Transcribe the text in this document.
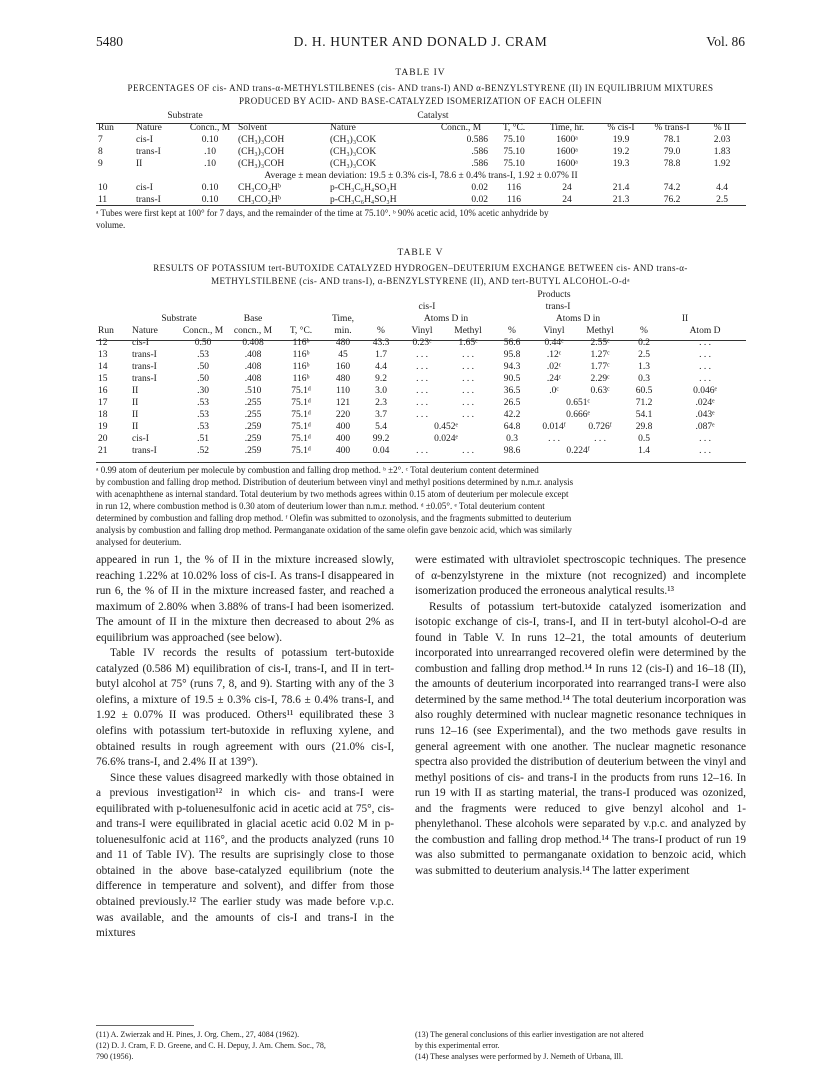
5480	D. H. HUNTER AND DONALD J. CRAM	Vol. 86
TABLE IV
PERCENTAGES OF cis- AND trans-α-METHYLSTILBENES (cis- AND trans-I) AND α-BENZYLSTYRENE (II) IN EQUILIBRIUM MIXTURES
PRODUCED BY ACID- AND BASE-CATALYZED ISOMERIZATION OF EACH OLEFIN
	Substrate			Catalyst						
Run	Nature	Concn., M	Solvent	Nature	Concn., M	T, °C.	Time, hr.	% cis-I	% trans-I	% II
7	cis-I	0.10	(CH₃)₃COH	(CH₃)₃COK	0.586	75.10	1600ᵃ	19.9	78.1	2.03
8	trans-I	.10	(CH₃)₃COH	(CH₃)₃COK	.586	75.10	1600ᵃ	19.2	79.0	1.83
9	II	.10	(CH₃)₃COH	(CH₃)₃COK	.586	75.10	1600ᵃ	19.3	78.8	1.92
Average ± mean deviation: 19.5 ± 0.3% cis-I, 78.6 ± 0.4% trans-I, 1.92 ± 0.07% II										
10	cis-I	0.10	CH₃CO₂Hᵇ	p-CH₃C₆H₄SO₃H	0.02	116	24	21.4	74.2	4.4
11	trans-I	0.10	CH₃CO₂Hᵇ	p-CH₃C₆H₄SO₃H	0.02	116	24	21.3	76.2	2.5
ᵃ Tubes were first kept at 100° for 7 days, and the remainder of the time at 75.10°. ᵇ 90% acetic acid, 10% acetic anhydride by
volume.
TABLE V
RESULTS OF POTASSIUM tert-BUTOXIDE CATALYZED HYDROGEN–DEUTERIUM EXCHANGE BETWEEN cis- AND trans-α-
METHYLSTILBENE (cis- AND trans-I), α-BENZYLSTYRENE (II), AND tert-BUTYL ALCOHOL-O-dᵃ
						Products							
						cis-I			trans-I				
	Substrate		Base		Time,		Atoms D in			Atoms D in		II	
Run	Nature	Concn., M	concn., M	T, °C.	min.	%	Vinyl	Methyl	%	Vinyl	Methyl	%	Atom D
12	cis-I	0.50	0.408	116ᵇ	480	43.3	0.23ᶜ	1.65ᶜ	56.6	0.44ᶜ	2.55ᶜ	0.2	. . .
13	trans-I	.53	.408	116ᵇ	45	1.7	. . .	. . .	95.8	.12ᶜ	1.27ᶜ	2.5	. . .
14	trans-I	.50	.408	116ᵇ	160	4.4	. . .	. . .	94.3	.02ᶜ	1.77ᶜ	1.3	. . .
15	trans-I	.50	.408	116ᵇ	480	9.2	. . .	. . .	90.5	.24ᶜ	2.29ᶜ	0.3	. . .
16	II	.30	.510	75.1ᵈ	110	3.0	. . .	. . .	36.5	.0ᶜ	0.63ᶜ	60.5	0.046ᵉ
17	II	.53	.255	75.1ᵈ	121	2.3	. . .	. . .	26.5	0.651ᶜ		71.2	.024ᵉ
18	II	.53	.255	75.1ᵈ	220	3.7	. . .	. . .	42.2	0.666ᵉ		54.1	.043ᵉ
19	II	.53	.259	75.1ᵈ	400	5.4	0.452ᵉ		64.8	0.014ᶠ	0.726ᶠ	29.8	.087ᵉ
20	cis-I	.51	.259	75.1ᵈ	400	99.2	0.024ᵉ		0.3	. . .	. . .	0.5	. . .
21	trans-I	.52	.259	75.1ᵈ	400	0.04	. . .	. . .	98.6	0.224ᶠ		1.4	. . .
ᵃ 0.99 atom of deuterium per molecule by combustion and falling drop method. ᵇ ±2°. ᶜ Total deuterium content determined
by combustion and falling drop method. Distribution of deuterium between vinyl and methyl positions determined by n.m.r. analysis
with acenaphthene as internal standard. Total deuterium by two methods agrees within 0.15 atom of deuterium per molecule except
in run 12, where combustion method is 0.30 atom of deuterium lower than n.m.r. method. ᵈ ±0.05°. ᵉ Total deuterium content
determined by combustion and falling drop method. ᶠ Olefin was submitted to ozonolysis, and the fragments submitted to deuterium
analysis by combustion and falling drop method. Permanganate oxidation of the same olefin gave benzoic acid, which was similarly
analysed for deuterium.

appeared in run 1, the % of II in the mixture increased slowly, reaching 1.22% at 10.02% loss of cis-I. As trans-I disappeared in run 6, the % of II in the mixture increased faster, and reached a maximum of 2.80% when 3.88% of trans-I had been isomerized. The amount of II in the mixture then decreased to about 2% as equilibrium was approached (see below).

Table IV records the results of potassium tert-butoxide catalyzed (0.586 M) equilibration of cis-I, trans-I, and II in tert-butyl alcohol at 75° (runs 7, 8, and 9). Starting with any of the 3 olefins, a mixture of 19.5 ± 0.3% cis-I, 78.6 ± 0.4% trans-I, and 1.92 ± 0.07% II was produced. Others¹¹ equilibrated these 3 olefins with potassium tert-butoxide in refluxing xylene, and obtained results in rough agreement with ours (21.0% cis-I, 76.6% trans-I, and 2.4% II at 139°).

Since these values disagreed markedly with those obtained in a previous investigation¹² in which cis- and trans-I were equilibrated with p-toluenesulfonic acid in acetic acid at 75°, cis- and trans-I were equilibrated in glacial acetic acid 0.02 M in p-toluenesulfonic acid at 116°, and the products analyzed (runs 10 and 11 of Table IV). The results are suprisingly close to those obtained in the above base-catalyzed equilibrium (note the difference in temperature and solvent), and differ from those obtained previously.¹² The earlier study was made before v.p.c. was available, and the amounts of cis-I and trans-I in the mixtures

were estimated with ultraviolet spectroscopic techniques. The presence of α-benzylstyrene in the mixture (not recognized) and incomplete isomerization produced the erroneous analytical results.¹³

Results of potassium tert-butoxide catalyzed isomerization and isotopic exchange of cis-I, trans-I, and II in tert-butyl alcohol-O-d are found in Table V. In runs 12–21, the total amounts of deuterium incorporated into unrearranged recovered olefin were determined by the combustion and falling drop method.¹⁴ In runs 12 (cis-I) and 16–18 (II), the amounts of deuterium incorporated into rearranged trans-I were also determined by the same method.¹⁴ The total deuterium incorporation was also roughly determined with nuclear magnetic resonance techniques in runs 12–16 (see Experimental), and the two methods gave results in general agreement with one another. The nuclear magnetic resonance spectra also provided the distribution of deuterium between the vinyl and methyl positions of cis- and trans-I in the products from runs 12–16. In run 19 with II as starting material, the trans-I produced was ozonized, and the fragments were reduced to give benzyl alcohol and 1-phenylethanol. These alcohols were separated by v.p.c. and analyzed by the combustion and falling drop method.¹⁴ The trans-I product of run 19 was also submitted to permanganate oxidation to benzoic acid, which was submitted to deuterium analysis.¹⁴ The latter experiment

(11) A. Zwierzak and H. Pines, J. Org. Chem., 27, 4084 (1962).

(12) D. J. Cram, F. D. Greene, and C. H. Depuy, J. Am. Chem. Soc., 78,

790 (1956).

(13) The general conclusions of this earlier investigation are not altered

by this experimental error.

(14) These analyses were performed by J. Nemeth of Urbana, Ill.
